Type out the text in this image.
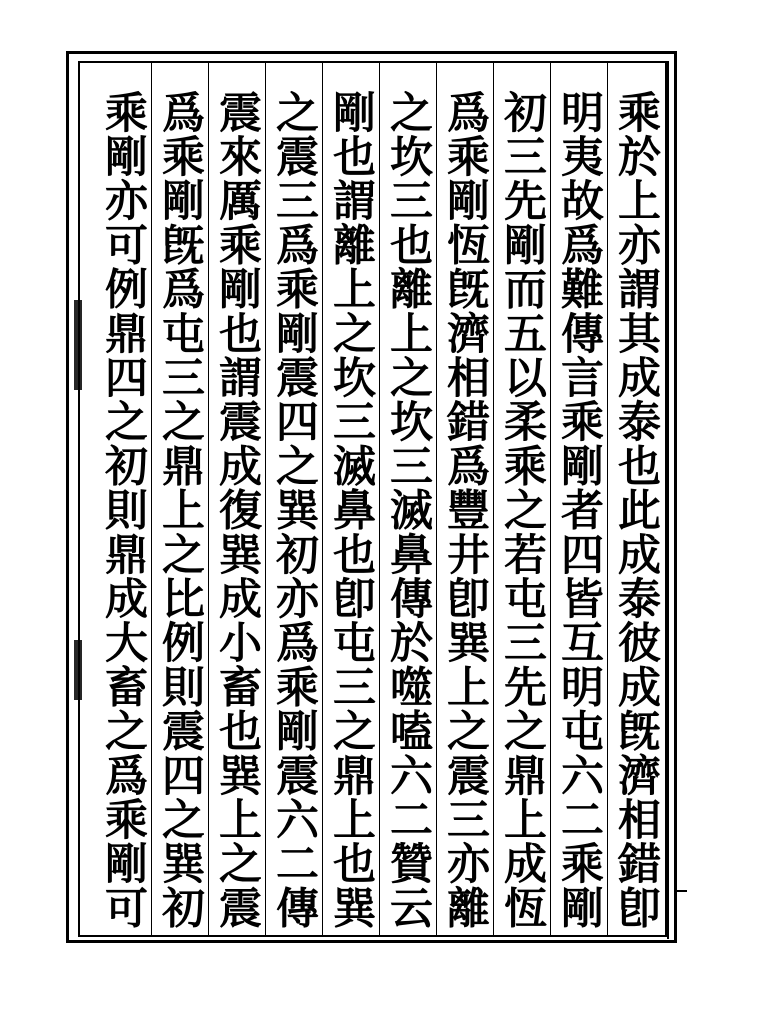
乘於上亦謂其成泰也此成泰彼成旣濟相錯卽
明夷故爲難傳言乘剛者四皆互明屯六二乘剛
初三先剛而五以柔乘之若屯三先之鼎上成恆
爲乘剛恆旣濟相錯爲豐井卽巽上之震三亦離
之坎三也離上之坎三滅鼻傳於噬嗑六二贊云
剛也謂離上之坎三滅鼻也卽屯三之鼎上也巽
之震三爲乘剛震四之巽初亦爲乘剛震六二傳
震來厲乘剛也謂震成復巽成小畜也巽上之震
爲乘剛旣爲屯三之鼎上之比例則震四之巽初
乘剛亦可例鼎四之初則鼎成大畜之爲乘剛可
